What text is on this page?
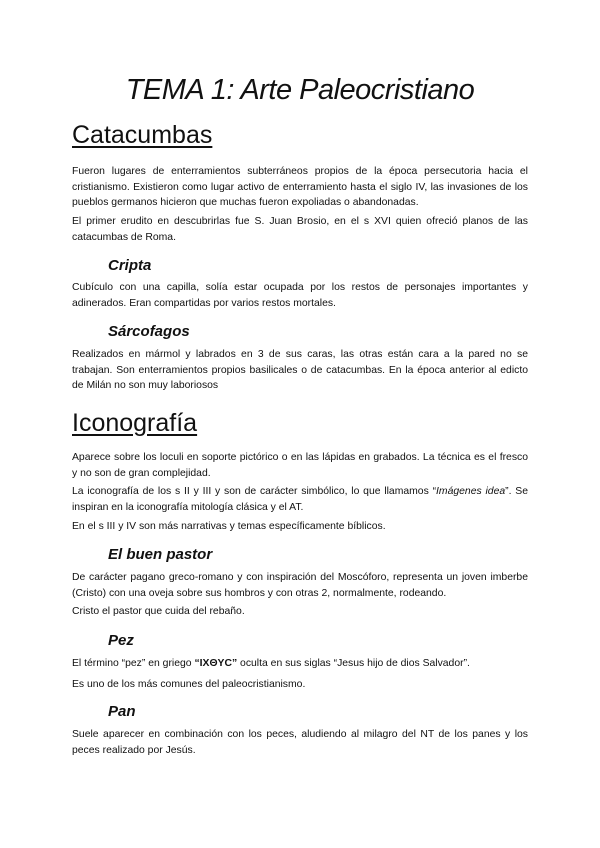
TEMA 1: Arte Paleocristiano
Catacumbas

Fueron lugares de enterramientos subterráneos propios de la época persecutoria hacia el cristianismo. Existieron como lugar activo de enterramiento hasta el siglo IV, las invasiones de los pueblos germanos hicieron que muchas fueron expoliadas o abandonadas.

El primer erudito en descubrirlas fue S. Juan Brosio, en el s XVI quien ofreció planos de las catacumbas de Roma.

Cripta

Cubículo con una capilla, solía estar ocupada por los restos de personajes importantes y adinerados. Eran compartidas por varios restos mortales.

Sárcofagos

Realizados en mármol y labrados en 3 de sus caras, las otras están cara a la pared no se trabajan. Son enterramientos propios basilicales o de catacumbas. En la época anterior al edicto de Milán no son muy laboriosos

Iconografía

Aparece sobre los loculi en soporte pictórico o en las lápidas en grabados. La técnica es el fresco y no son de gran complejidad.

La iconografía de los s II y III y son de carácter simbólico, lo que llamamos “Imágenes idea”. Se inspiran en la iconografía mitología clásica y el AT.

En el s III y IV son más narrativas y temas específicamente bíblicos.

El buen pastor

De carácter pagano greco-romano y con inspiración del Moscóforo, representa un joven imberbe (Cristo) con una oveja sobre sus hombros y con otras 2, normalmente, rodeando.

Cristo el pastor que cuida del rebaño.

Pez

El término “pez” en griego “IXΘYC” oculta en sus siglas “Jesus hijo de dios Salvador”.

Es uno de los más comunes del paleocristianismo.

Pan

Suele aparecer en combinación con los peces, aludiendo al milagro del NT de los panes y los peces realizado por Jesús.
